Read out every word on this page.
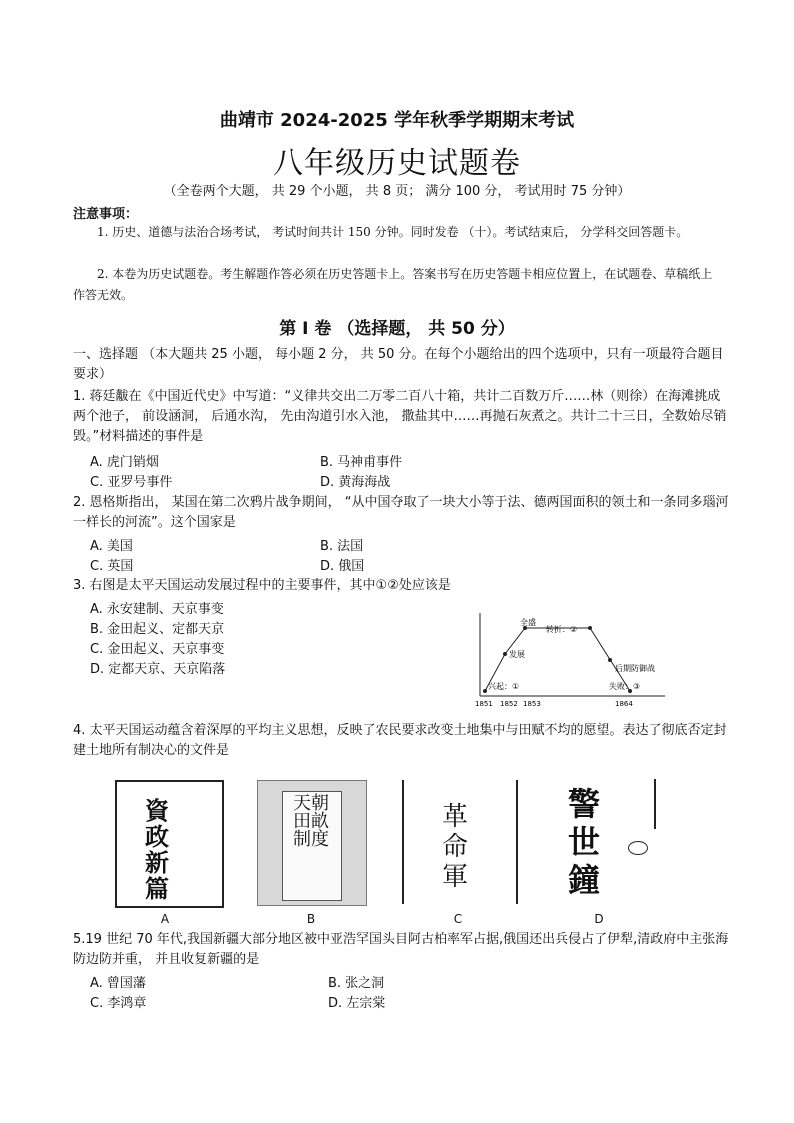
曲靖市 2024-2025 学年秋季学期期末考试
八年级历史试题卷
（全卷两个大题， 共 29 个小题， 共 8 页； 满分 100 分， 考试用时 75 分钟）
注意事项：
1. 历史、道德与法治合场考试， 考试时间共计 150 分钟。同时发卷 （十）。考试结束后， 分学科交回答题卡。
2. 本卷为历史试题卷。考生解题作答必须在历史答题卡上。答案书写在历史答题卡相应位置上，在试题卷、草稿纸上作答无效。
第 Ⅰ 卷 （选择题， 共 50 分）
一、选择题 （本大题共 25 小题， 每小题 2 分， 共 50 分。在每个小题给出的四个选项中，只有一项最符合题目要求）
1. 蒋廷黻在《中国近代史》中写道：“义律共交出二万零二百八十箱，共计二百数万斤……林（则徐）在海滩挑成两个池子， 前设涵洞， 后通水沟， 先由沟道引水入池， 撒盐其中……再抛石灰煮之。共计二十三日，全数始尽销毁。”材料描述的事件是
A. 虎门销烟	B. 马神甫事件
C. 亚罗号事件	D. 黄海海战
2. 恩格斯指出， 某国在第二次鸦片战争期间， “从中国夺取了一块大小等于法、德两国面积的领土和一条同多瑙河一样长的河流”。这个国家是
A. 美国	B. 法国
C. 英国	D. 俄国
3. 右图是太平天国运动发展过程中的主要事件，其中①②处应该是
A. 永安建制、天京事变
B. 金田起义、定都天京
C. 金田起义、天京事变
D. 定都天京、天京陷落
兴起：①
发展
全盛
转折：②
后期防御战
失败：③
1851 1852 1853	1864
4. 太平天国运动蕴含着深厚的平均主义思想，反映了农民要求改变土地集中与田赋不均的愿望。表达了彻底否定封建土地所有制决心的文件是
資政新篇
A
天朝田畝制度
B
革命軍
C
警世鐘
D
5.19 世纪 70 年代,我国新疆大部分地区被中亚浩罕国头目阿古柏率军占据,俄国还出兵侵占了伊犁,清政府中主张海防边防并重， 并且收复新疆的是
A. 曾国藩	B. 张之洞
C. 李鸿章	D. 左宗棠
